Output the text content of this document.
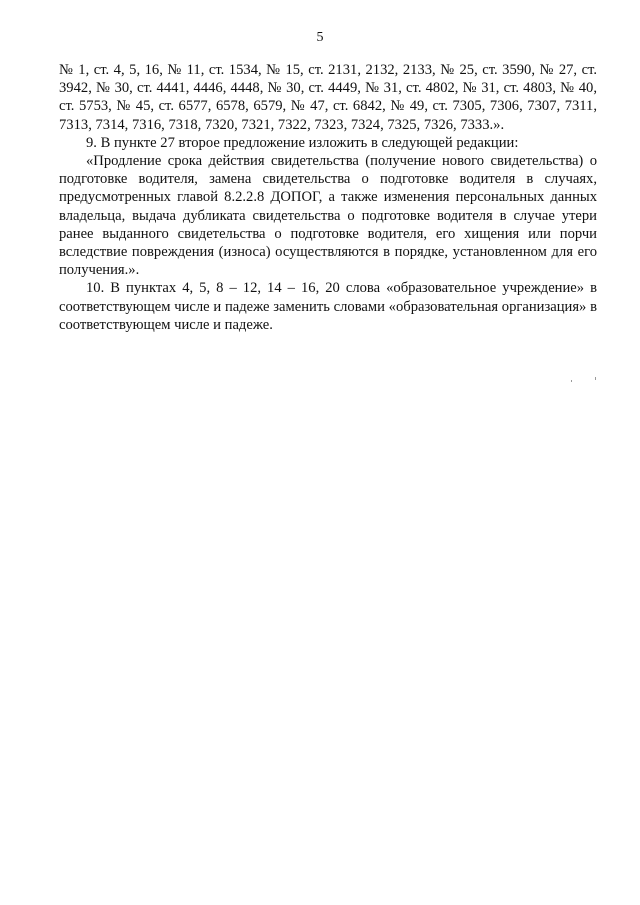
5

№ 1, ст. 4, 5, 16, № 11, ст. 1534, № 15, ст. 2131, 2132, 2133, № 25, ст. 3590, № 27, ст. 3942, № 30, ст. 4441, 4446, 4448, № 30, ст. 4449, № 31, ст. 4802, № 31, ст. 4803, № 40, ст. 5753, № 45, ст. 6577, 6578, 6579, № 47, ст. 6842, № 49, ст. 7305, 7306, 7307, 7311, 7313, 7314, 7316, 7318, 7320, 7321, 7322, 7323, 7324, 7325, 7326, 7333.».

9. В пункте 27 второе предложение изложить в следующей редакции:

«Продление срока действия свидетельства (получение нового свидетельства) о подготовке водителя, замена свидетельства о подготовке водителя в случаях, предусмотренных главой 8.2.2.8 ДОПОГ, а также изменения персональных данных владельца, выдача дубликата свидетельства о подготовке водителя в случае утери ранее выданного свидетельства о подготовке водителя, его хищения или порчи вследствие повреждения (износа) осуществляются в порядке, установленном для его получения.».

10. В пунктах 4, 5, 8 – 12, 14 – 16, 20 слова «образовательное учреждение» в соответствующем числе и падеже заменить словами «образовательная организация» в соответствующем числе и падеже.
